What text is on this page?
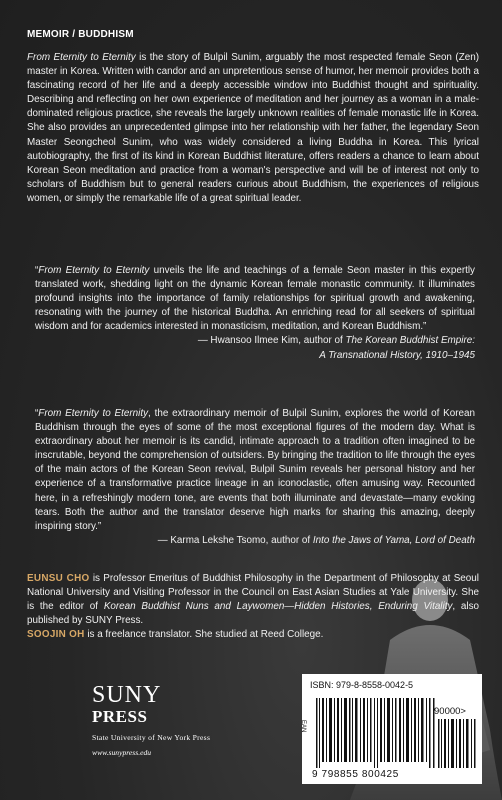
MEMOIR / BUDDHISM

From Eternity to Eternity is the story of Bulpil Sunim, arguably the most respected female Seon (Zen) master in Korea. Written with candor and an unpretentious sense of humor, her memoir provides both a fascinating record of her life and a deeply accessible window into Buddhist thought and spirituality. Describing and reflecting on her own experience of meditation and her journey as a woman in a male-dominated religious practice, she reveals the largely unknown realities of female monastic life in Korea. She also provides an unprecedented glimpse into her relationship with her father, the legendary Seon Master Seongcheol Sunim, who was widely considered a living Buddha in Korea. This lyrical autobiography, the first of its kind in Korean Buddhist literature, offers readers a chance to learn about Korean Seon meditation and practice from a woman's perspective and will be of interest not only to scholars of Buddhism but to general readers curious about Buddhism, the experiences of religious women, or simply the remarkable life of a great spiritual leader.

“From Eternity to Eternity unveils the life and teachings of a female Seon master in this expertly translated work, shedding light on the dynamic Korean female monastic community. It illuminates profound insights into the importance of family relationships for spiritual growth and awakening, resonating with the journey of the historical Buddha. An enriching read for all seekers of spiritual wisdom and for academics interested in monasticism, meditation, and Korean Buddhism.”
— Hwansoo Ilmee Kim, author of The Korean Buddhist Empire:
A Transnational History, 1910–1945

“From Eternity to Eternity, the extraordinary memoir of Bulpil Sunim, explores the world of Korean Buddhism through the eyes of some of the most exceptional figures of the modern day. What is extraordinary about her memoir is its candid, intimate approach to a tradition often imagined to be inscrutable, beyond the comprehension of outsiders. By bringing the tradition to life through the eyes of the main actors of the Korean Seon revival, Bulpil Sunim reveals her personal history and her experience of a transformative practice lineage in an iconoclastic, often amusing way. Recounted here, in a refreshingly modern tone, are events that both illuminate and devastate—many evoking tears. Both the author and the translator deserve high marks for sharing this amazing, deeply inspiring story.”
— Karma Lekshe Tsomo, author of Into the Jaws of Yama, Lord of Death

EUNSU CHO is Professor Emeritus of Buddhist Philosophy in the Department of Philosophy at Seoul National University and Visiting Professor in the Council on East Asian Studies at Yale University. She is the editor of Korean Buddhist Nuns and Laywomen—Hidden Histories, Enduring Vitality, also published by SUNY Press.
SOOJIN OH is a freelance translator. She studied at Reed College.

SUNY
PRESS
State University of New York Press
www.sunypress.edu
ISBN: 979-8-8558-0042-5
EAN
90000>
9 798855 800425
